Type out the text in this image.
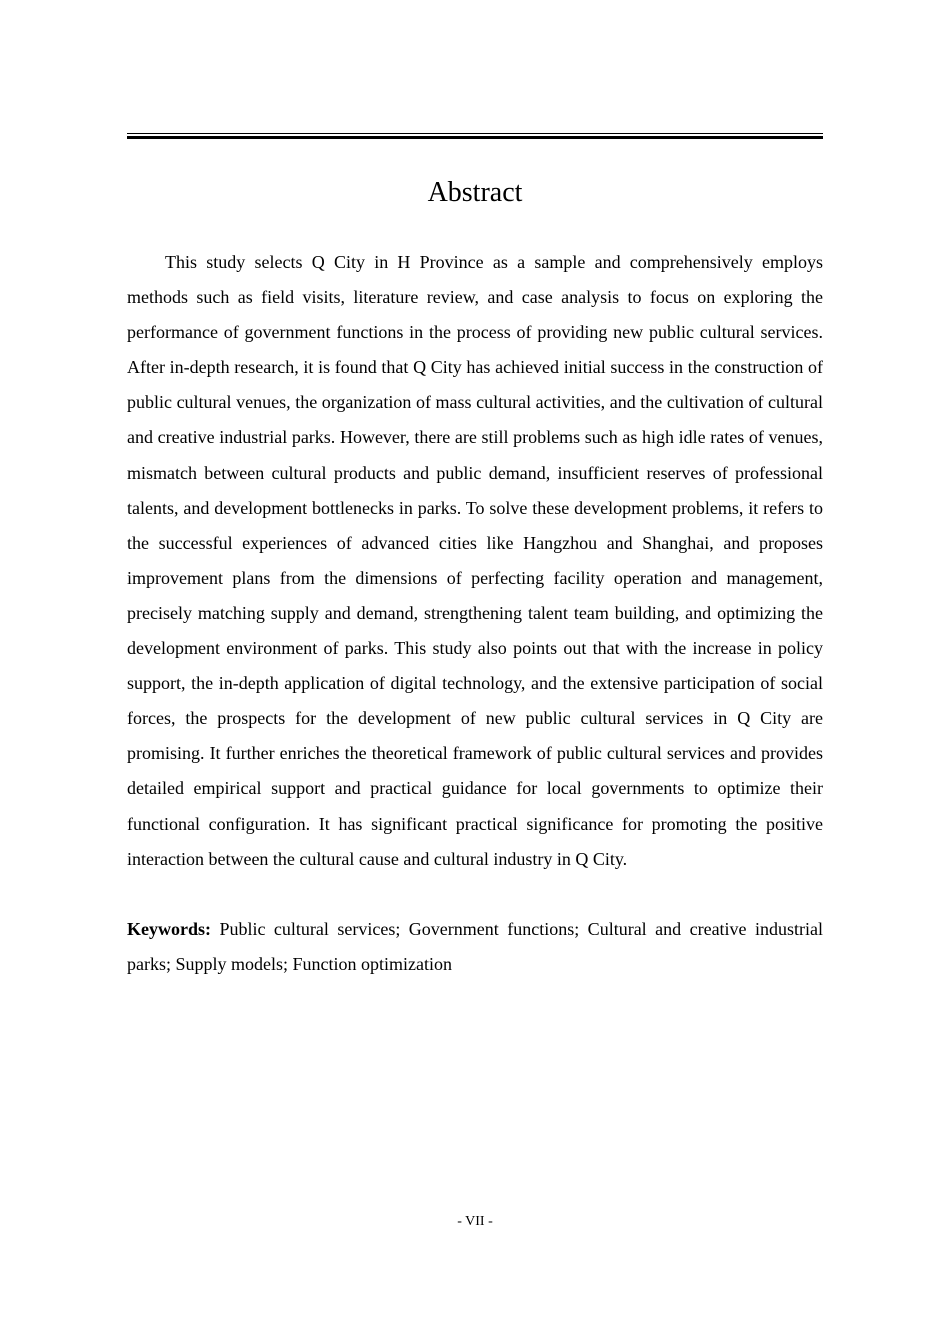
Abstract

This study selects Q City in H Province as a sample and comprehensively employs methods such as field visits, literature review, and case analysis to focus on exploring the performance of government functions in the process of providing new public cultural services. After in-depth research, it is found that Q City has achieved initial success in the construction of public cultural venues, the organization of mass cultural activities, and the cultivation of cultural and creative industrial parks. However, there are still problems such as high idle rates of venues, mismatch between cultural products and public demand, insufficient reserves of professional talents, and development bottlenecks in parks. To solve these development problems, it refers to the successful experiences of advanced cities like Hangzhou and Shanghai, and proposes improvement plans from the dimensions of perfecting facility operation and management, precisely matching supply and demand, strengthening talent team building, and optimizing the development environment of parks. This study also points out that with the increase in policy support, the in-depth application of digital technology, and the extensive participation of social forces, the prospects for the development of new public cultural services in Q City are promising. It further enriches the theoretical framework of public cultural services and provides detailed empirical support and practical guidance for local governments to optimize their functional configuration. It has significant practical significance for promoting the positive interaction between the cultural cause and cultural industry in Q City.

Keywords: Public cultural services; Government functions; Cultural and creative industrial parks; Supply models; Function optimization

- VII -
